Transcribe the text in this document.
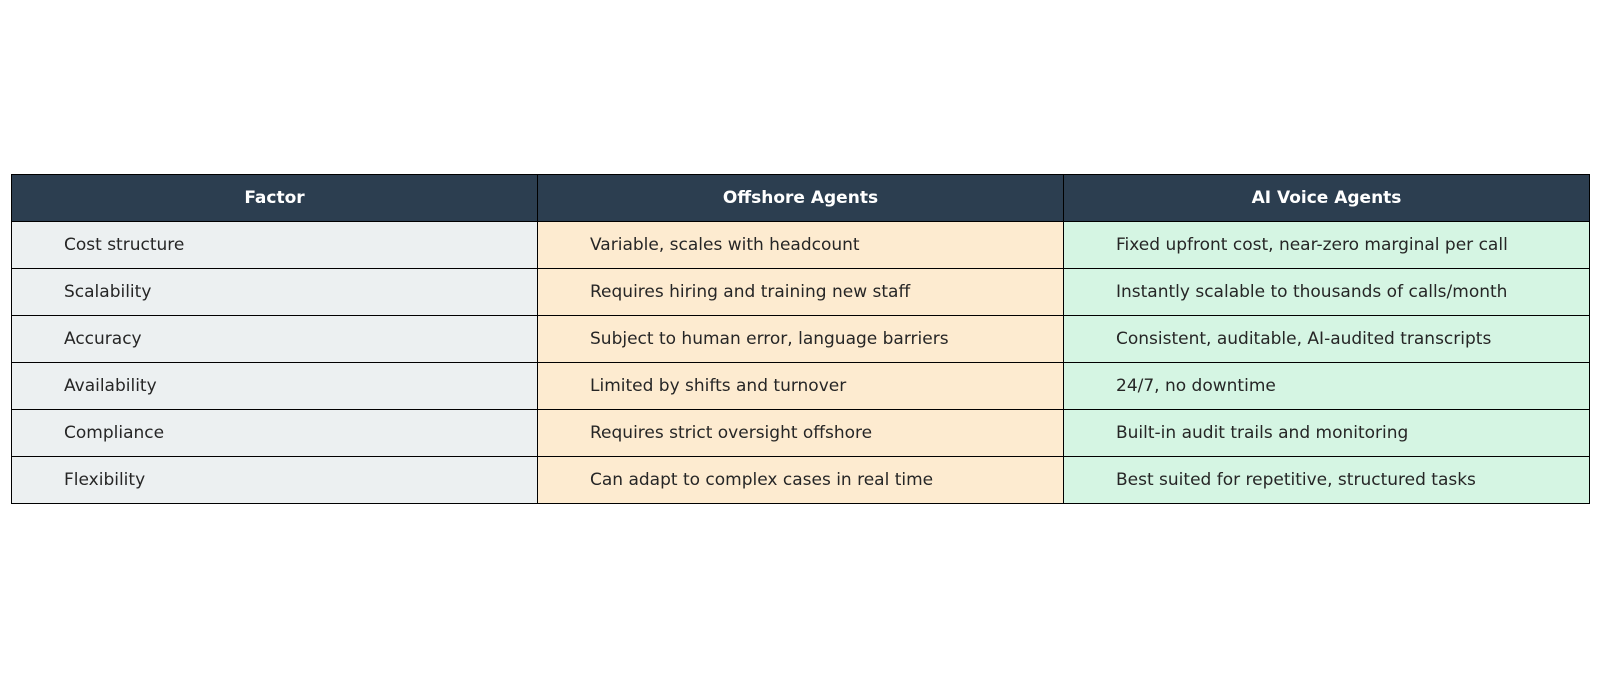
Factor	Offshore Agents	AI Voice Agents
Cost structure	Variable, scales with headcount	Fixed upfront cost, near-zero marginal per call
Scalability	Requires hiring and training new staff	Instantly scalable to thousands of calls/month
Accuracy	Subject to human error, language barriers	Consistent, auditable, AI-audited transcripts
Availability	Limited by shifts and turnover	24/7, no downtime
Compliance	Requires strict oversight offshore	Built-in audit trails and monitoring
Flexibility	Can adapt to complex cases in real time	Best suited for repetitive, structured tasks
